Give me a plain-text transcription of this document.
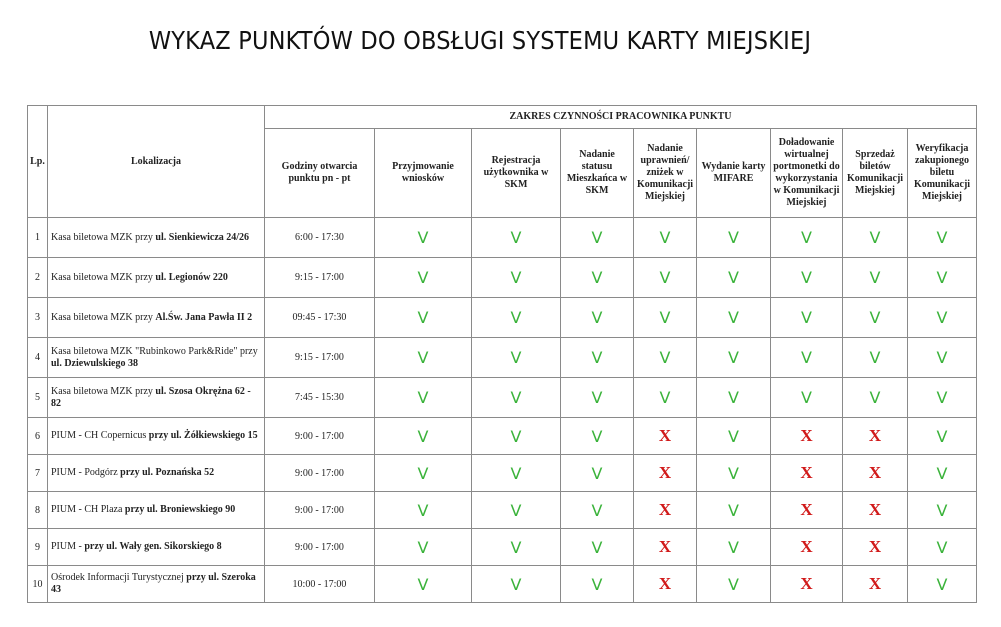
WYKAZ PUNKTÓW DO OBSŁUGI SYSTEMU KARTY MIEJSKIEJ
Lp.	Lokalizacja	ZAKRES CZYNNOŚCI PRACOWNIKA PUNKTU								
		Godziny otwarcia punktu pn - pt	Przyjmowanie wniosków	Rejestracja użytkownika w SKM	Nadanie statusu Mieszkańca w SKM	Nadanie uprawnień/ zniżek w Komunikacji Miejskiej	Wydanie karty MIFARE	Doładowanie wirtualnej portmonetki do wykorzystania w Komunikacji Miejskiej	Sprzedaż biletów Komunikacji Miejskiej	Weryfikacja zakupionego biletu Komunikacji Miejskiej
1	Kasa biletowa MZK przy ul. Sienkiewicza 24/26	6:00 - 17:30	V	V	V	V	V	V	V	V
2	Kasa biletowa MZK przy ul. Legionów 220	9:15 - 17:00	V	V	V	V	V	V	V	V
3	Kasa biletowa MZK przy Al.Św. Jana Pawła II 2	09:45 - 17:30	V	V	V	V	V	V	V	V
4	Kasa biletowa MZK "Rubinkowo Park&Ride" przy ul. Dziewulskiego 38	9:15 - 17:00	V	V	V	V	V	V	V	V
5	Kasa biletowa MZK przy ul. Szosa Okrężna 62 - 82	7:45 - 15:30	V	V	V	V	V	V	V	V
6	PIUM - CH Copernicus przy ul. Żółkiewskiego 15	9:00 - 17:00	V	V	V	X	V	X	X	V
7	PIUM - Podgórz przy ul. Poznańska 52	9:00 - 17:00	V	V	V	X	V	X	X	V
8	PIUM - CH Plaza przy ul. Broniewskiego 90	9:00 - 17:00	V	V	V	X	V	X	X	V
9	PIUM - przy ul. Wały gen. Sikorskiego 8	9:00 - 17:00	V	V	V	X	V	X	X	V
10	Ośrodek Informacji Turystycznej przy ul. Szeroka 43	10:00 - 17:00	V	V	V	X	V	X	X	V
